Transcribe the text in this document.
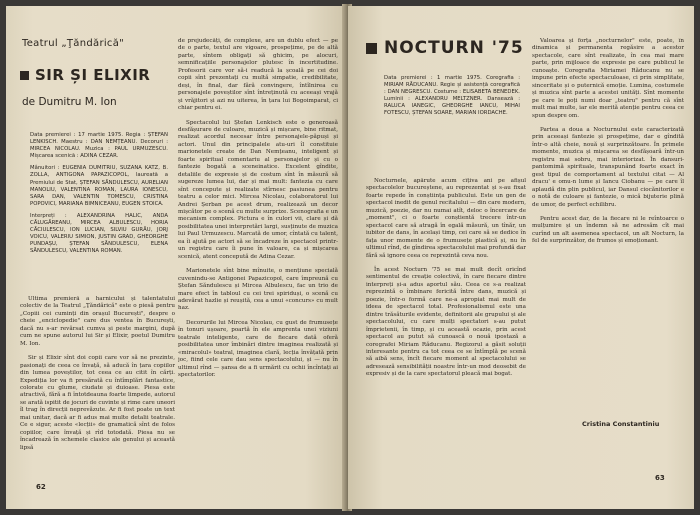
Teatrul „Ţăndărică"
SIR ȘI ELIXIR
de Dumitru M. Ion

Data premierei : 17 martie 1975. Regia : ȘTEFAN LENKISCH. Maestru : DAN NEMȚEANU. Decoruri : MIRCEA NICOLAU. Muzica : PAUL URMUZESCU. Mișcarea scenică : ADINA CEZAR.

Mânuitori : EUGENIA DUMITRIU, SUZANA KATZ, B. ZOLLA, ANTIGONA PAPAZICOPOL, laureată a Premiului de Stat, ȘTEFAN SĂNDULESCU, AURELIAN MANOLIU, VALENTINA ROMAN, LAURA IONESCU, SARA DAN, VALENTIN TOMESCU, CRISTINA POPOVICI, MARIANA BIMNICEANU, EUGEN STOICA.

Interpreți : ALEXANDRINA HALIC, ANDA CĂLUGĂREANU, MIRCEA ALBULESCU, HORIA CĂCIULESCU, ION LUCIAN, SILVIU GURĂU, JORJ VOICU, VALERIU SIMION, JUSTIN GRAD, GHEORGHE PUNDAȘU, ȘTEFAN SĂNDULESCU, ELENA SĂNDULESCU, VALENTINA ROMAN.

Ultima premieră a harnicului și talentatului colectiv de la Teatrul „Ţăndărică" este o piesă pentru „Copiii cei cuminți din orașul București", despre o cheie „enciclopedie" care dus ventea în București, dacă nu s-ar revărsat cumva și peste margini, după cum ne spune autorul lui Sir și Elixir, poetul Dumitru M. Ion.

Sir și Elixir sînt doi copii care vor să ne prezinte, pasionați de ceea ce învață, să aducă în țara copiilor din lumea poveștilor, tot ceea ce au citit în cărți. Expediția lor va fi presărată cu întîmplări fantastice, colorate cu glume, ciudate și duioase. Piesa este atractivă, fără a fi întotdeauna foarte limpede, autorul se arată ispitit de jocuri de cuvinte și rime care uneori îl trag în direcții neprevăzute. Ar fi fost poate un text mai unitar, dacă ar fi adus mai multe detalii teatrale. Ce e sigur, aceste «lecții» de gramatică sînt de folos copiilor, care învață și rîd totodată. Piesa nu se încadrează în schemele clasice ale genului și această lipsă

de prejudecăți, de complexe, are un dublu efect — pe de o parte, textul are vigoare, prospețime, pe de altă parte, sîntem obligați să ghicim, pe alocuri, semnificațiile personajelor plutesc în incertitudine. Profesorii care vor să-i readucă la școală pe cei doi copii sînt prezentați cu multă simpatie, credibilitate, deși, în final, dar fără convingere, întîlnirea cu personajele poveștilor sînt întreținută cu aceeași vrajă și vrăjitori și azi nu uiterea, în țara lui Bogoimparat, ci chiar pentru ei.

Spectacolul lui Ștefan Lenkisch este o generoasă desfășurare de culoare, muzică și mișcare, bine ritmat, realizat acordul necesar între personajele-păpuși și actori. Unul din principalele atu-uri îl constituie marionetele create de Dan Nemțeanu, inteligent și foarte spiritual comentariu al personajelor și cu o fantezie bogată a sceneinatice. Excelent gîndite, detaliile de expresie și de costum sînt în măsură să sugereze lumea lui, dar și mai mult: fantezia cu care sînt concepute și realizate stîrnesc pasiunea pentru teatru a celor mici. Mircea Nicolau, colaboratorul lui Andrei Șerban pe acest drum, realizează un decor mișcător pe o scenă cu multe surprize. Scenografia e un mecanism complex. Pictura e în culori vii, clare și dă posibilitatea unei interpretări largi, susținute de muzica lui Paul Urmuzescu. Marcată de umor, cîntată cu talent, ea îi ajută pe actori să se încadreze în spectacol printr-un registru care îi pune în valoare, ca și mișcarea scenică, atent concepută de Adina Cezar.

Marionetele sînt bine mînuite, o mențiune specială cuvenindu-se Antigonei Papazicopol, care împreună cu Ștefan Săndulescu și Mircea Albulescu, fac un trio de mare efect în tabloul cu cei trei spiriduși, o scenă cu adevărat hazlie și reușită, cea a unui «concurs» cu mult haz.

Decorurile lui Mircea Nicolau, cu gust de frumusețe în tonuri ușoare, poartă în ele amprenta unei viziuni teatrale inteligente, care de fiecare dată oferă posibilitatea unor îmbinări dintre imaginea realizată și «miracolul» teatral, imaginea clară, lecția învățată prin joc, fiind cele care dau sens spectacolului, și — nu în ultimul rînd — șansa de a fi urmărit cu ochii încîntați ai spectatorilor.

62
NOCTURN '75
Data premierei : 1 martie 1975. Coregrafia : MIRIAM RĂDUCANU. Regie și asistență coregrafică : DAN NEGRESCU. Costume : ELISABETA BENEDEK. Luminii : ALEXANDRU MELTZNER. Dansează : RALUCA IANEGIC, GHEORGHE IANCU, MIHAI FOTESCU, ȘTEFAN SOARE, MARIAN IORDACHE.

Nocturnele, apărute acum cîțiva ani pe afișul spectacolelor bucureștene, au reprezentat și s-au fixat foarte repede în conștiința publicului. Este un gen de spectacol inedit de genul recitalului — din care modern, muzică, poezie, dar nu numai atît, deloc o încercare de „moment", ci o foarte conștientă trecere într-un spectacol care să atragă în egală măsură, un tînăr, un iubitor de dans, în același timp, cei care să se dedice în fața unor momente de o frumusețe plastică și, nu în ultimul rînd, de gîndirea spectacolului mai profundă dar fără să ignore ceea ce reprezintă ceva nou.

În acest Nocturn '75 se mai mult decît oricînd sentimentul de creație colectivă, în care fiecare dintre interpreți și-a adus aportul său. Ceea ce s-a realizat reprezintă o îmbinare fericită între dans, muzică și poezie, într-o formă care ne-a apropiat mai mult de ideea de spectacol total. Profesionalismul este una dintre trăsăturile evidente, definitorii ale grupului și ale spectacolului, cu care mulți spectatori s-au putut împrietenii, în timp, și cu această ocazie, prin acest spectacol au putut să cunoască o nouă ipostază a coregrafei Miriam Răducanu. Regizorul a găsit soluții interesante pentru ca tot ceea ce se întîmplă pe scenă să aibă sens, încît fiecare moment al spectacolului se adresează sensibilității noastre într-un mod deosebit de expresiv și de la care spectatorul pleacă mai bogat.

Valoarea și forța „nocturnelor" este, poate, în dinamica și permanenta regăsire a acestor spectacole, care sînt realizate, în cea mai mare parte, prin mijloace de expresie pe care publicul le cunoaște. Coregrafia Miriamei Răducanu nu se impune prin efecte spectaculoase, ci prin simplitate, sinceritate și o puternică emoție. Lumina, costumele și muzica sînt parte a acestei unități. Sînt momente pe care le poți numi doar „teatru" pentru că sînt mult mai multe, iar ele merită atenție pentru ceea ce spun despre om.

Partea a doua a Nocturnului este caracterizată prin aceeași fantezie și prospețime, dar e gîndită într-o altă cheie, nouă și surprinzătoare. În primele momente, muzica și mișcarea se desfășoară într-un registru mai sobru, mai interiorizat. În dansuri-pantomimă spirituale, transpunând foarte exact în gest tipul de comportament al textului citat — Al dracu' e omu-n lume și Iancu Ciobanu — pe care îl aplaudă din plin publicul, iar Dansul ciocănitorilor e o notă de culoare și fantezie, o mică bijuterie plină de umor, de perfect echilibru.

Pentru acest dar, de la fiecare ni le reîntoarce o mulțumire și un îndemn să ne adresăm cît mai curînd un alt asemenea spectacol, un alt Nocturn, la fel de surprinzător, de frumos și emoționant.

Cristina Constantiniu
63
